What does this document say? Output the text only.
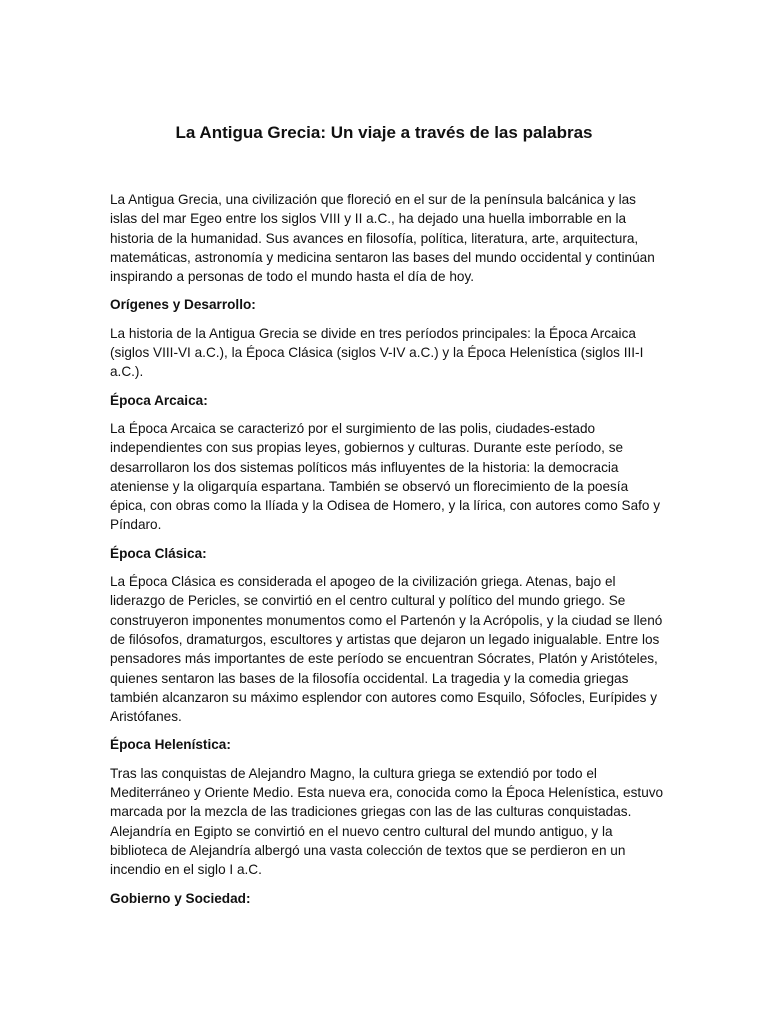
La Antigua Grecia: Un viaje a través de las palabras

La Antigua Grecia, una civilización que floreció en el sur de la península balcánica y las islas del mar Egeo entre los siglos VIII y II a.C., ha dejado una huella imborrable en la historia de la humanidad. Sus avances en filosofía, política, literatura, arte, arquitectura, matemáticas, astronomía y medicina sentaron las bases del mundo occidental y continúan inspirando a personas de todo el mundo hasta el día de hoy.

Orígenes y Desarrollo:

La historia de la Antigua Grecia se divide en tres períodos principales: la Época Arcaica (siglos VIII-VI a.C.), la Época Clásica (siglos V-IV a.C.) y la Época Helenística (siglos III-I a.C.).

Época Arcaica:

La Época Arcaica se caracterizó por el surgimiento de las polis, ciudades-estado independientes con sus propias leyes, gobiernos y culturas. Durante este período, se desarrollaron los dos sistemas políticos más influyentes de la historia: la democracia ateniense y la oligarquía espartana. También se observó un florecimiento de la poesía épica, con obras como la Ilíada y la Odisea de Homero, y la lírica, con autores como Safo y Píndaro.

Época Clásica:

La Época Clásica es considerada el apogeo de la civilización griega. Atenas, bajo el liderazgo de Pericles, se convirtió en el centro cultural y político del mundo griego. Se construyeron imponentes monumentos como el Partenón y la Acrópolis, y la ciudad se llenó de filósofos, dramaturgos, escultores y artistas que dejaron un legado inigualable. Entre los pensadores más importantes de este período se encuentran Sócrates, Platón y Aristóteles, quienes sentaron las bases de la filosofía occidental. La tragedia y la comedia griegas también alcanzaron su máximo esplendor con autores como Esquilo, Sófocles, Eurípides y Aristófanes.

Época Helenística:

Tras las conquistas de Alejandro Magno, la cultura griega se extendió por todo el Mediterráneo y Oriente Medio. Esta nueva era, conocida como la Época Helenística, estuvo marcada por la mezcla de las tradiciones griegas con las de las culturas conquistadas. Alejandría en Egipto se convirtió en el nuevo centro cultural del mundo antiguo, y la biblioteca de Alejandría albergó una vasta colección de textos que se perdieron en un incendio en el siglo I a.C.

Gobierno y Sociedad:
